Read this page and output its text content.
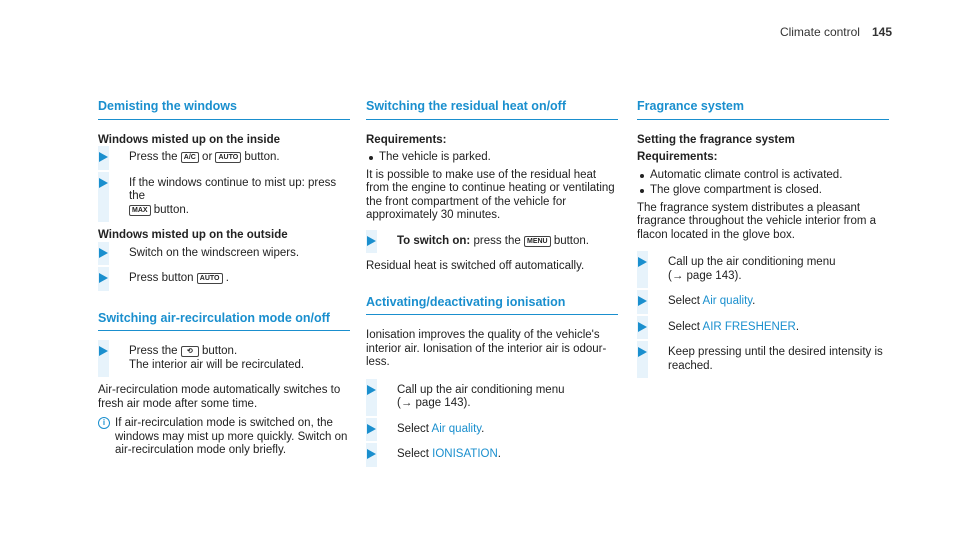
Climate control 145
Demisting the windows
Windows misted up on the inside
Press the A/C or AUTO button.
If the windows continue to mist up: press the
MAX button.
Windows misted up on the outside
Switch on the windscreen wipers.
Press button AUTO .
Switching air-recirculation mode on/off
Press the ⟲ button.
The interior air will be recirculated.

Air-recirculation mode automatically switches to fresh air mode after some time.

i If air-recirculation mode is switched on, the windows may mist up more quickly. Switch on air-recirculation mode only briefly.
Switching the residual heat on/off
Requirements:
The vehicle is parked.

It is possible to make use of the residual heat from the engine to continue heating or ventilating the front compartment of the vehicle for approximately 30 minutes.

To switch on: press the MENU button.

Residual heat is switched off automatically.

Activating/deactivating ionisation

Ionisation improves the quality of the vehicle's interior air. Ionisation of the interior air is odour-less.

Call up the air conditioning menu
(→ page 143).
Select Air quality.
Select IONISATION.
Fragrance system
Setting the fragrance system
Requirements:
Automatic climate control is activated.
The glove compartment is closed.

The fragrance system distributes a pleasant fragrance throughout the vehicle interior from a flacon located in the glove box.

Call up the air conditioning menu
(→ page 143).
Select Air quality.
Select AIR FRESHENER.
Keep pressing until the desired intensity is reached.
